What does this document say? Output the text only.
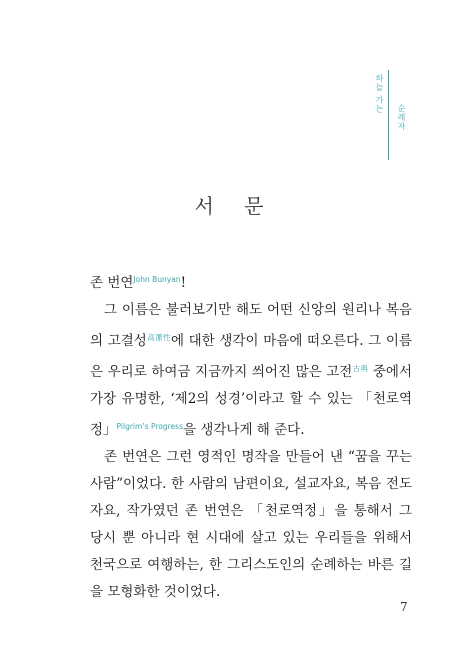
하늘 가는
순례자
서 문

존 번연$^{John Bunyan}$!

그 이름은 불러보기만 해도 어떤 신앙의 원리나 복음의 고결성$^{高潔性}$에 대한 생각이 마음에 떠오른다. 그 이름은 우리로 하여금 지금까지 씌어진 많은 고전$^{古典}$ 중에서 가장 유명한, ‘제2의 성경’이라고 할 수 있는 「천로역정」$^{Pilgrim’s Progress}$을 생각나게 해 준다.

존 번연은 그런 영적인 명작을 만들어 낸 “꿈을 꾸는 사람”이었다. 한 사람의 남편이요, 설교자요, 복음 전도자요, 작가였던 존 번연은 「천로역정」을 통해서 그 당시 뿐 아니라 현 시대에 살고 있는 우리들을 위해서 천국으로 여행하는, 한 그리스도인의 순례하는 바른 길을 모형화한 것이었다.

7
